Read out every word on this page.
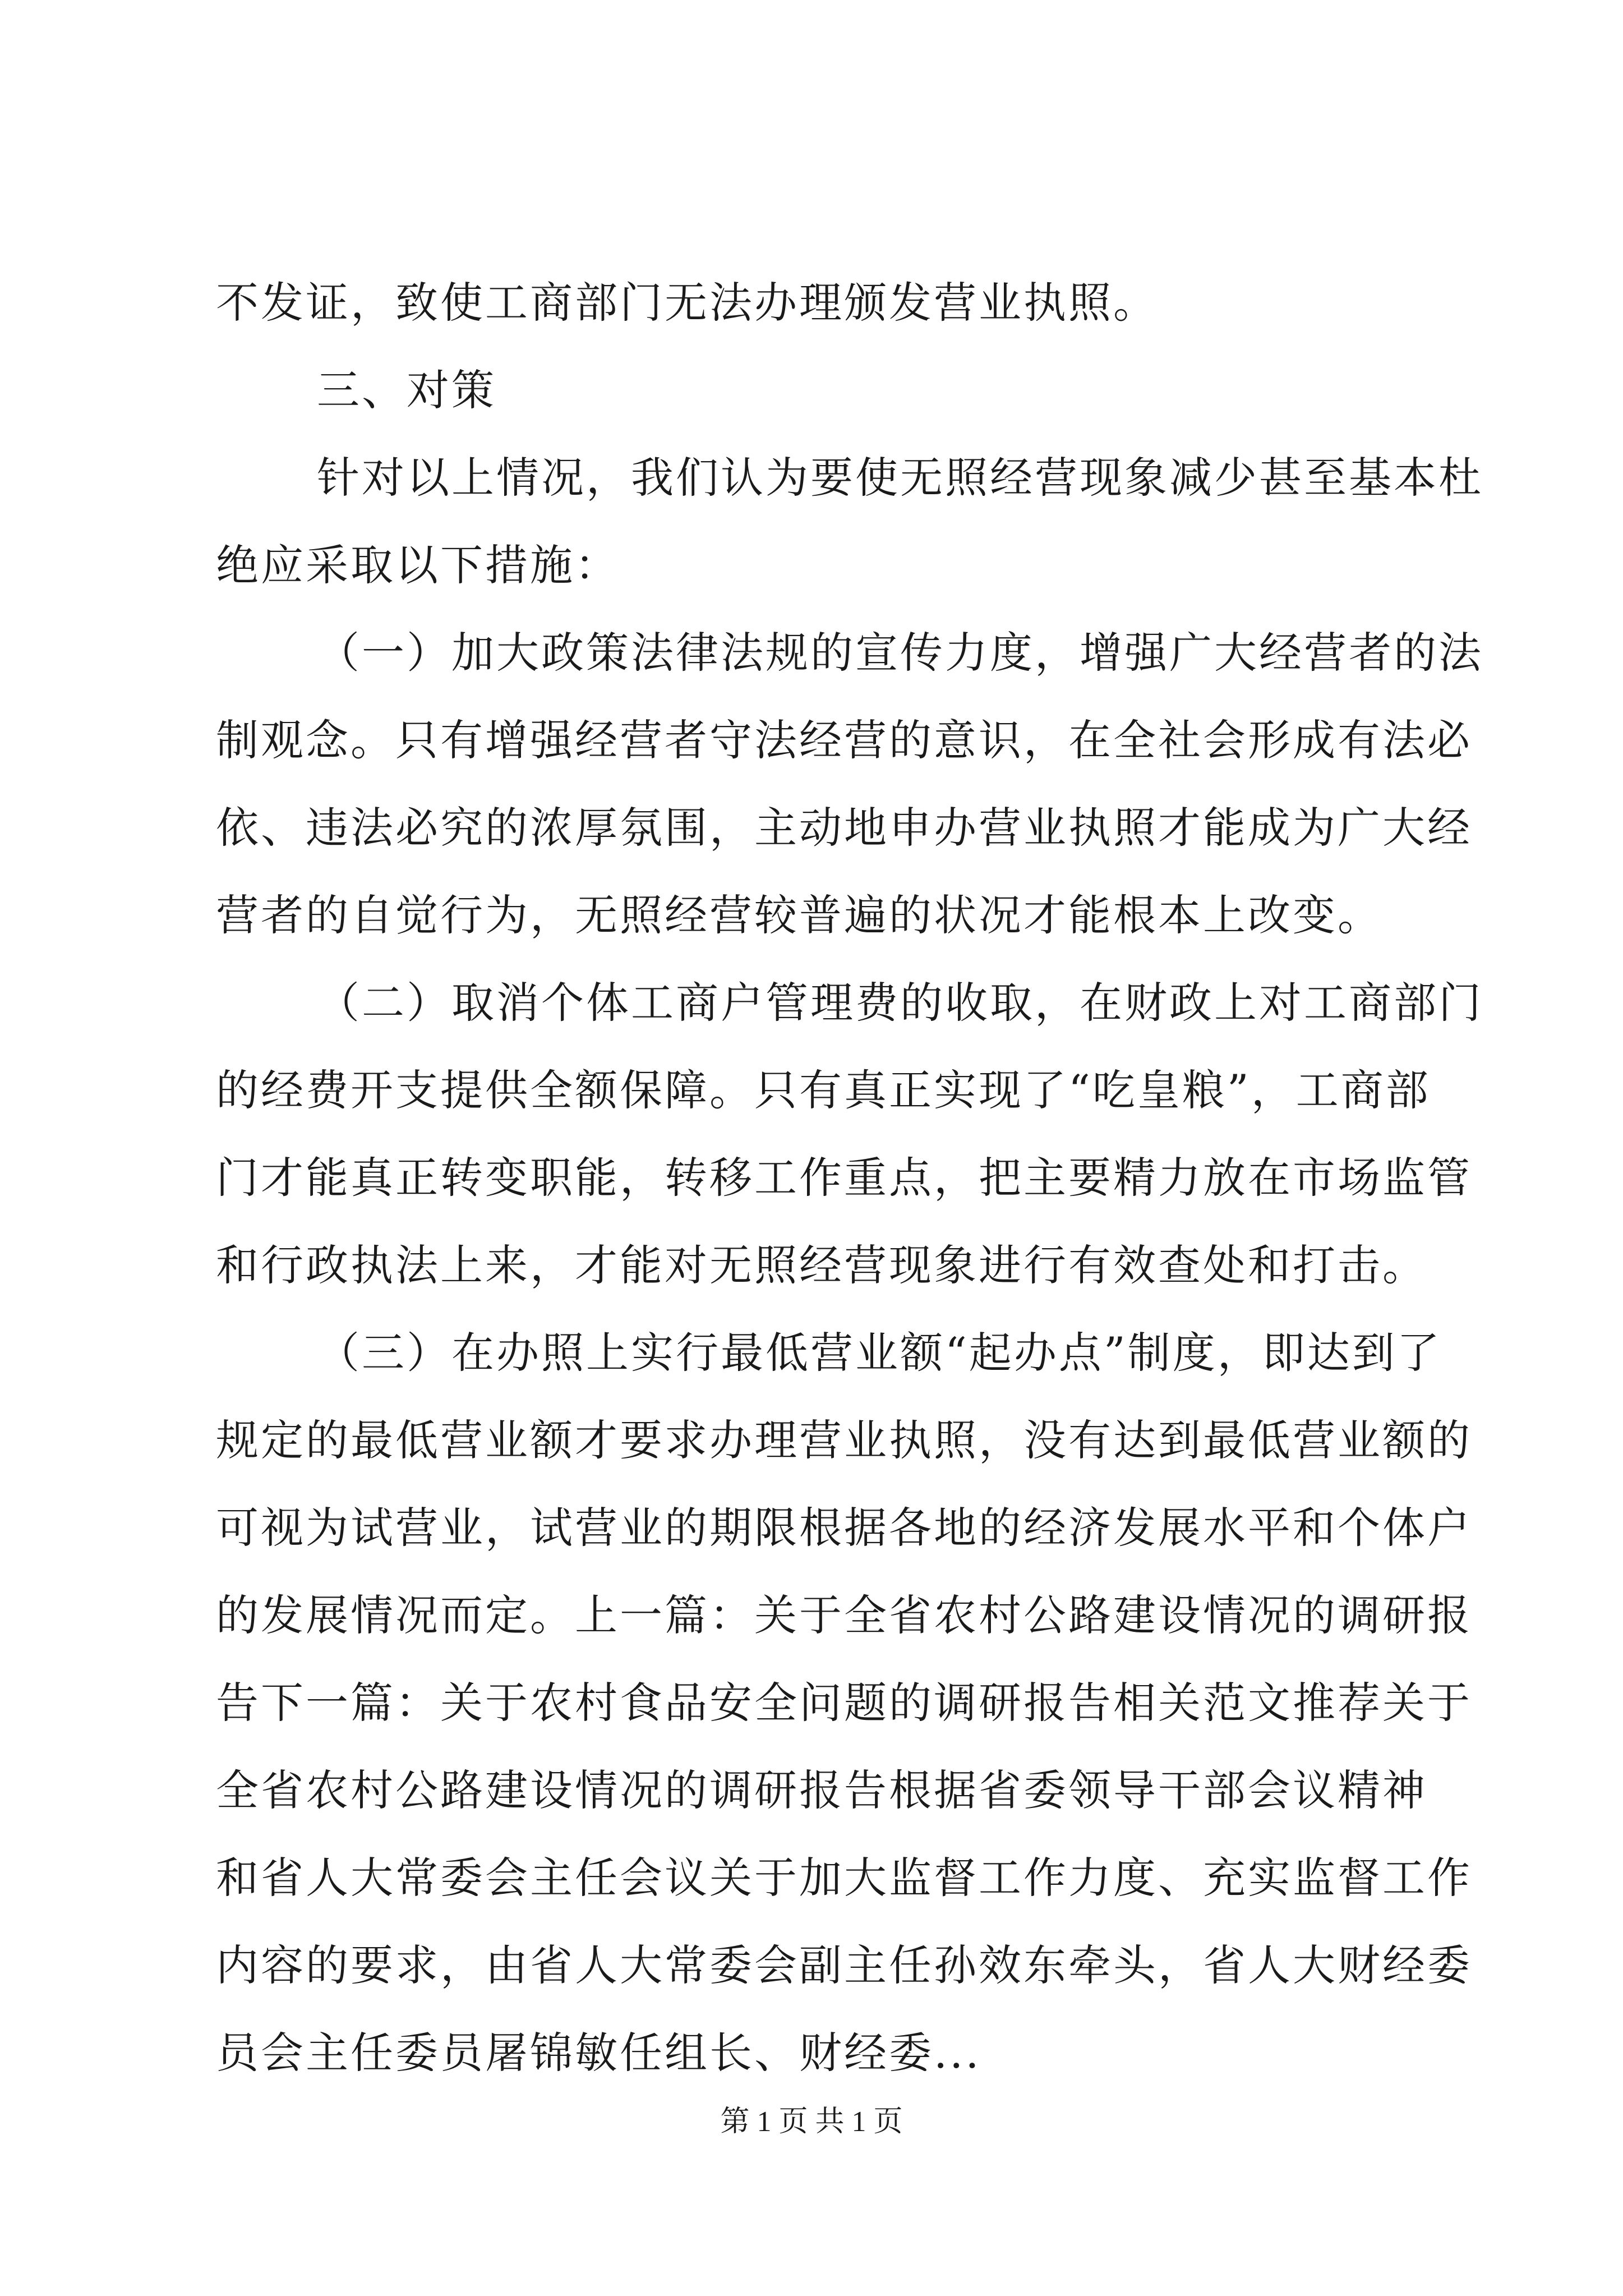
不发证，致使工商部门无法办理颁发营业执照。
三、对策
针对以上情况，我们认为要使无照经营现象减少甚至基本杜
绝应采取以下措施：
（一）加大政策法律法规的宣传力度，增强广大经营者的法
制观念。只有增强经营者守法经营的意识，在全社会形成有法必
依、违法必究的浓厚氛围，主动地申办营业执照才能成为广大经
营者的自觉行为，无照经营较普遍的状况才能根本上改变。
（二）取消个体工商户管理费的收取，在财政上对工商部门
的经费开支提供全额保障。只有真正实现了“吃皇粮”，工商部
门才能真正转变职能，转移工作重点，把主要精力放在市场监管
和行政执法上来，才能对无照经营现象进行有效查处和打击。
（三）在办照上实行最低营业额“起办点”制度，即达到了
规定的最低营业额才要求办理营业执照，没有达到最低营业额的
可视为试营业，试营业的期限根据各地的经济发展水平和个体户
的发展情况而定。上一篇：关于全省农村公路建设情况的调研报
告下一篇：关于农村食品安全问题的调研报告相关范文推荐关于
全省农村公路建设情况的调研报告根据省委领导干部会议精神
和省人大常委会主任会议关于加大监督工作力度、充实监督工作
内容的要求，由省人大常委会副主任孙效东牵头，省人大财经委
员会主任委员屠锦敏任组长、财经委...
第 1 页 共 1 页
